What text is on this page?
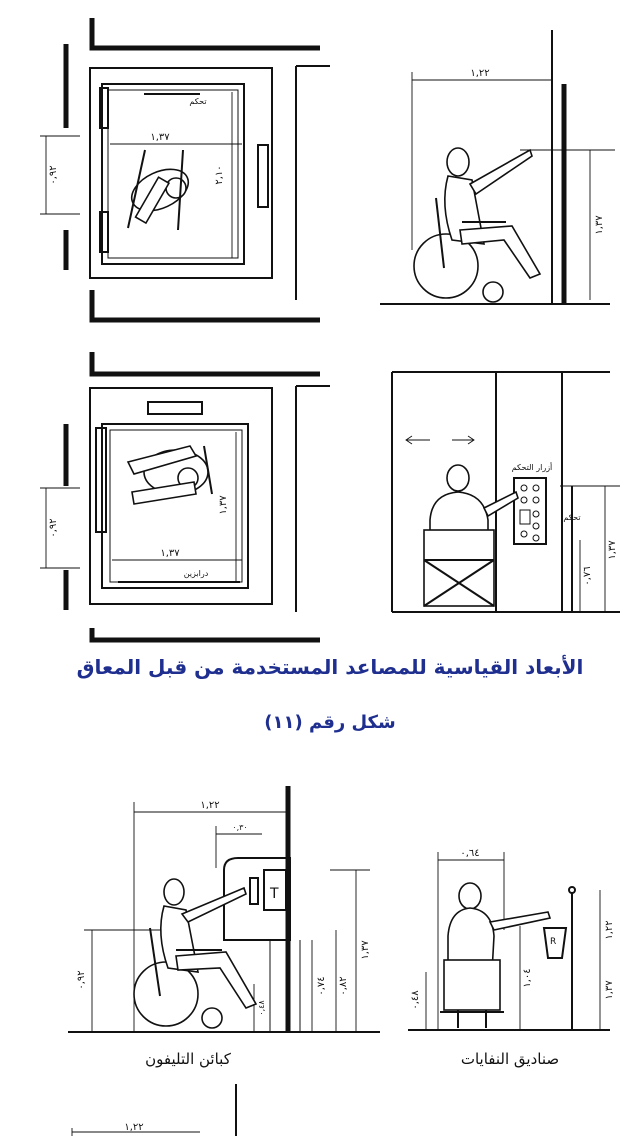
٠,٩٢
١,٣٧
٢,١٠
تحكم
١,٢٢
١,٣٧
٠,٩٢
١,٣٧
١,٣٧
درابزين
أزرار التحكم
تحكم
١,٣٧
٠,٧٦
الأبعاد القياسية للمصاعد المستخدمة من قبل المعاق
شكل رقم (١١)
١,٢٢
٠,٣٠
T
١,٣٧
٠,٧٤ ٠,٨٢
٠,٩٢
٠,٤٨
كبائن التليفون
٠,٦٤
R
١,٠٤
٠,٤٨
١,٣٧
١,٢٢
صناديق النفايات
١,٢٢
